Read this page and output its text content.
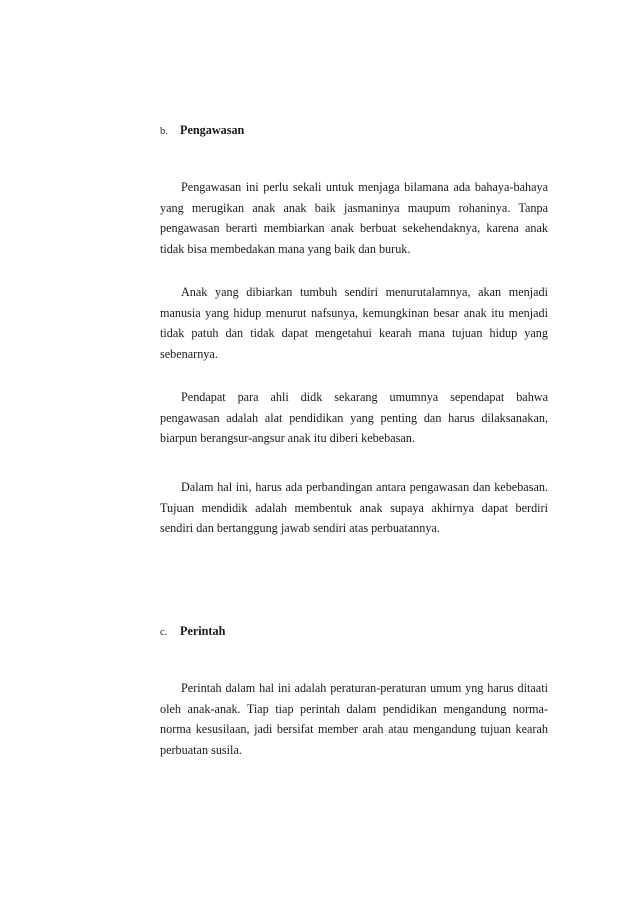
b. Pengawasan

Pengawasan ini perlu sekali untuk menjaga bilamana ada bahaya-bahaya yang merugikan anak anak baik jasmaninya maupum rohaninya. Tanpa pengawasan berarti membiarkan anak berbuat sekehendaknya, karena anak tidak bisa membedakan mana yang baik dan buruk.

Anak yang dibiarkan tumbuh sendiri menurutalamnya, akan menjadi manusia yang hidup menurut nafsunya, kemungkinan besar anak itu menjadi tidak patuh dan tidak dapat mengetahui kearah mana tujuan hidup yang sebenarnya.

Pendapat para ahli didk sekarang umumnya sependapat bahwa pengawasan adalah alat pendidikan yang penting dan harus dilaksanakan, biarpun berangsur-angsur anak itu diberi kebebasan.

Dalam hal ini, harus ada perbandingan antara pengawasan dan kebebasan. Tujuan mendidik adalah membentuk anak supaya akhirnya dapat berdiri sendiri dan bertanggung jawab sendiri atas perbuatannya.

c. Perintah

Perintah dalam hal ini adalah peraturan-peraturan umum yng harus ditaati oleh anak-anak. Tiap tiap perintah dalam pendidikan mengandung norma-norma kesusilaan, jadi bersifat member arah atau mengandung tujuan kearah perbuatan susila.
